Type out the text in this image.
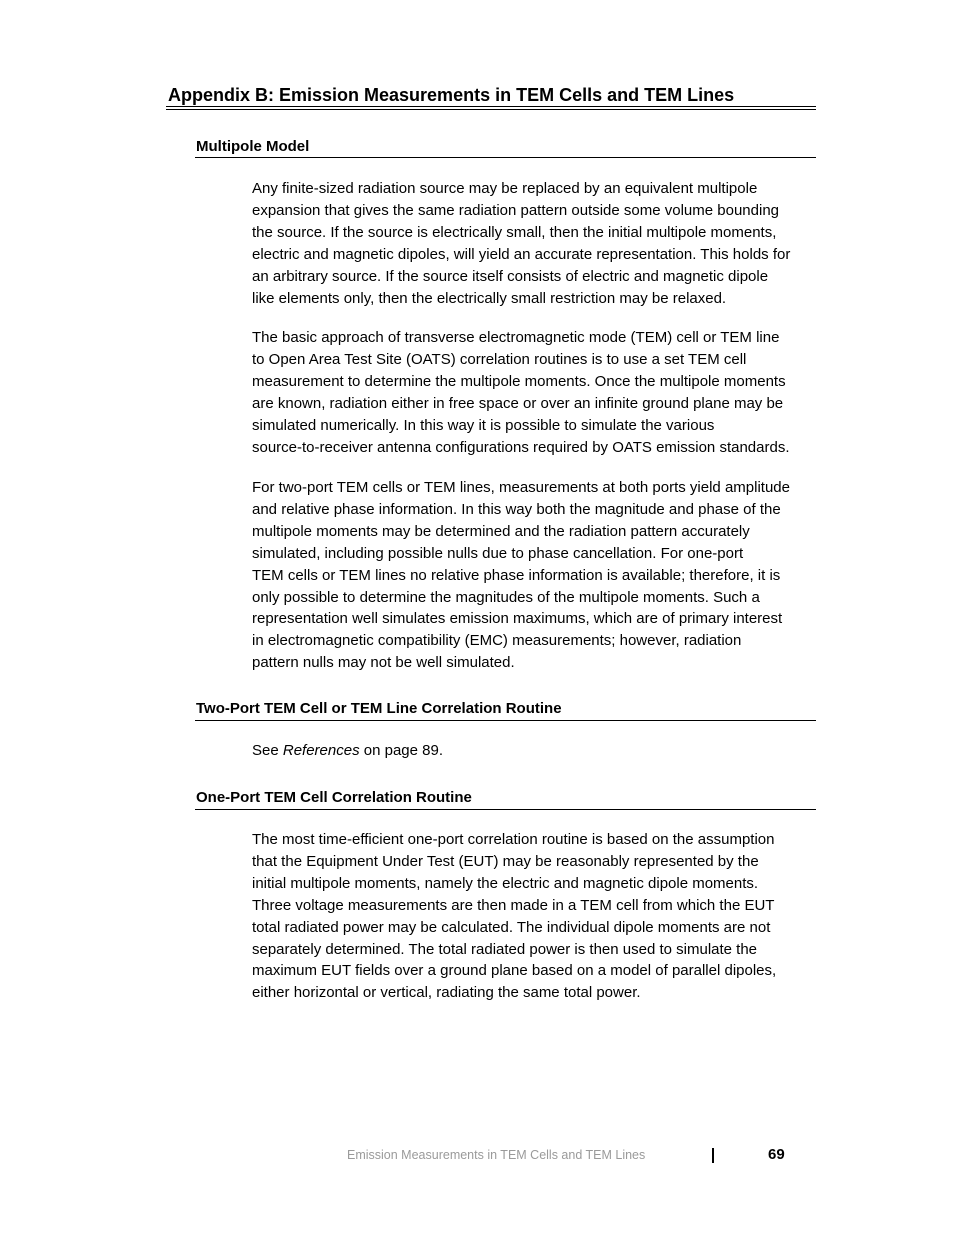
Appendix B: Emission Measurements in TEM Cells and TEM Lines
Multipole Model

Any finite-sized radiation source may be replaced by an equivalent multipole
expansion that gives the same radiation pattern outside some volume bounding
the source. If the source is electrically small, then the initial multipole moments,
electric and magnetic dipoles, will yield an accurate representation. This holds for
an arbitrary source. If the source itself consists of electric and magnetic dipole
like elements only, then the electrically small restriction may be relaxed.

The basic approach of transverse electromagnetic mode (TEM) cell or TEM line
to Open Area Test Site (OATS) correlation routines is to use a set TEM cell
measurement to determine the multipole moments. Once the multipole moments
are known, radiation either in free space or over an infinite ground plane may be
simulated numerically. In this way it is possible to simulate the various
source-to-receiver antenna configurations required by OATS emission standards.

For two-port TEM cells or TEM lines, measurements at both ports yield amplitude
and relative phase information. In this way both the magnitude and phase of the
multipole moments may be determined and the radiation pattern accurately
simulated, including possible nulls due to phase cancellation. For one-port
TEM cells or TEM lines no relative phase information is available; therefore, it is
only possible to determine the magnitudes of the multipole moments. Such a
representation well simulates emission maximums, which are of primary interest
in electromagnetic compatibility (EMC) measurements; however, radiation
pattern nulls may not be well simulated.

Two-Port TEM Cell or TEM Line Correlation Routine

See References on page 89.

One-Port TEM Cell Correlation Routine

The most time-efficient one-port correlation routine is based on the assumption
that the Equipment Under Test (EUT) may be reasonably represented by the
initial multipole moments, namely the electric and magnetic dipole moments.
Three voltage measurements are then made in a TEM cell from which the EUT
total radiated power may be calculated. The individual dipole moments are not
separately determined. The total radiated power is then used to simulate the
maximum EUT fields over a ground plane based on a model of parallel dipoles,
either horizontal or vertical, radiating the same total power.

Emission Measurements in TEM Cells and TEM Lines	69
